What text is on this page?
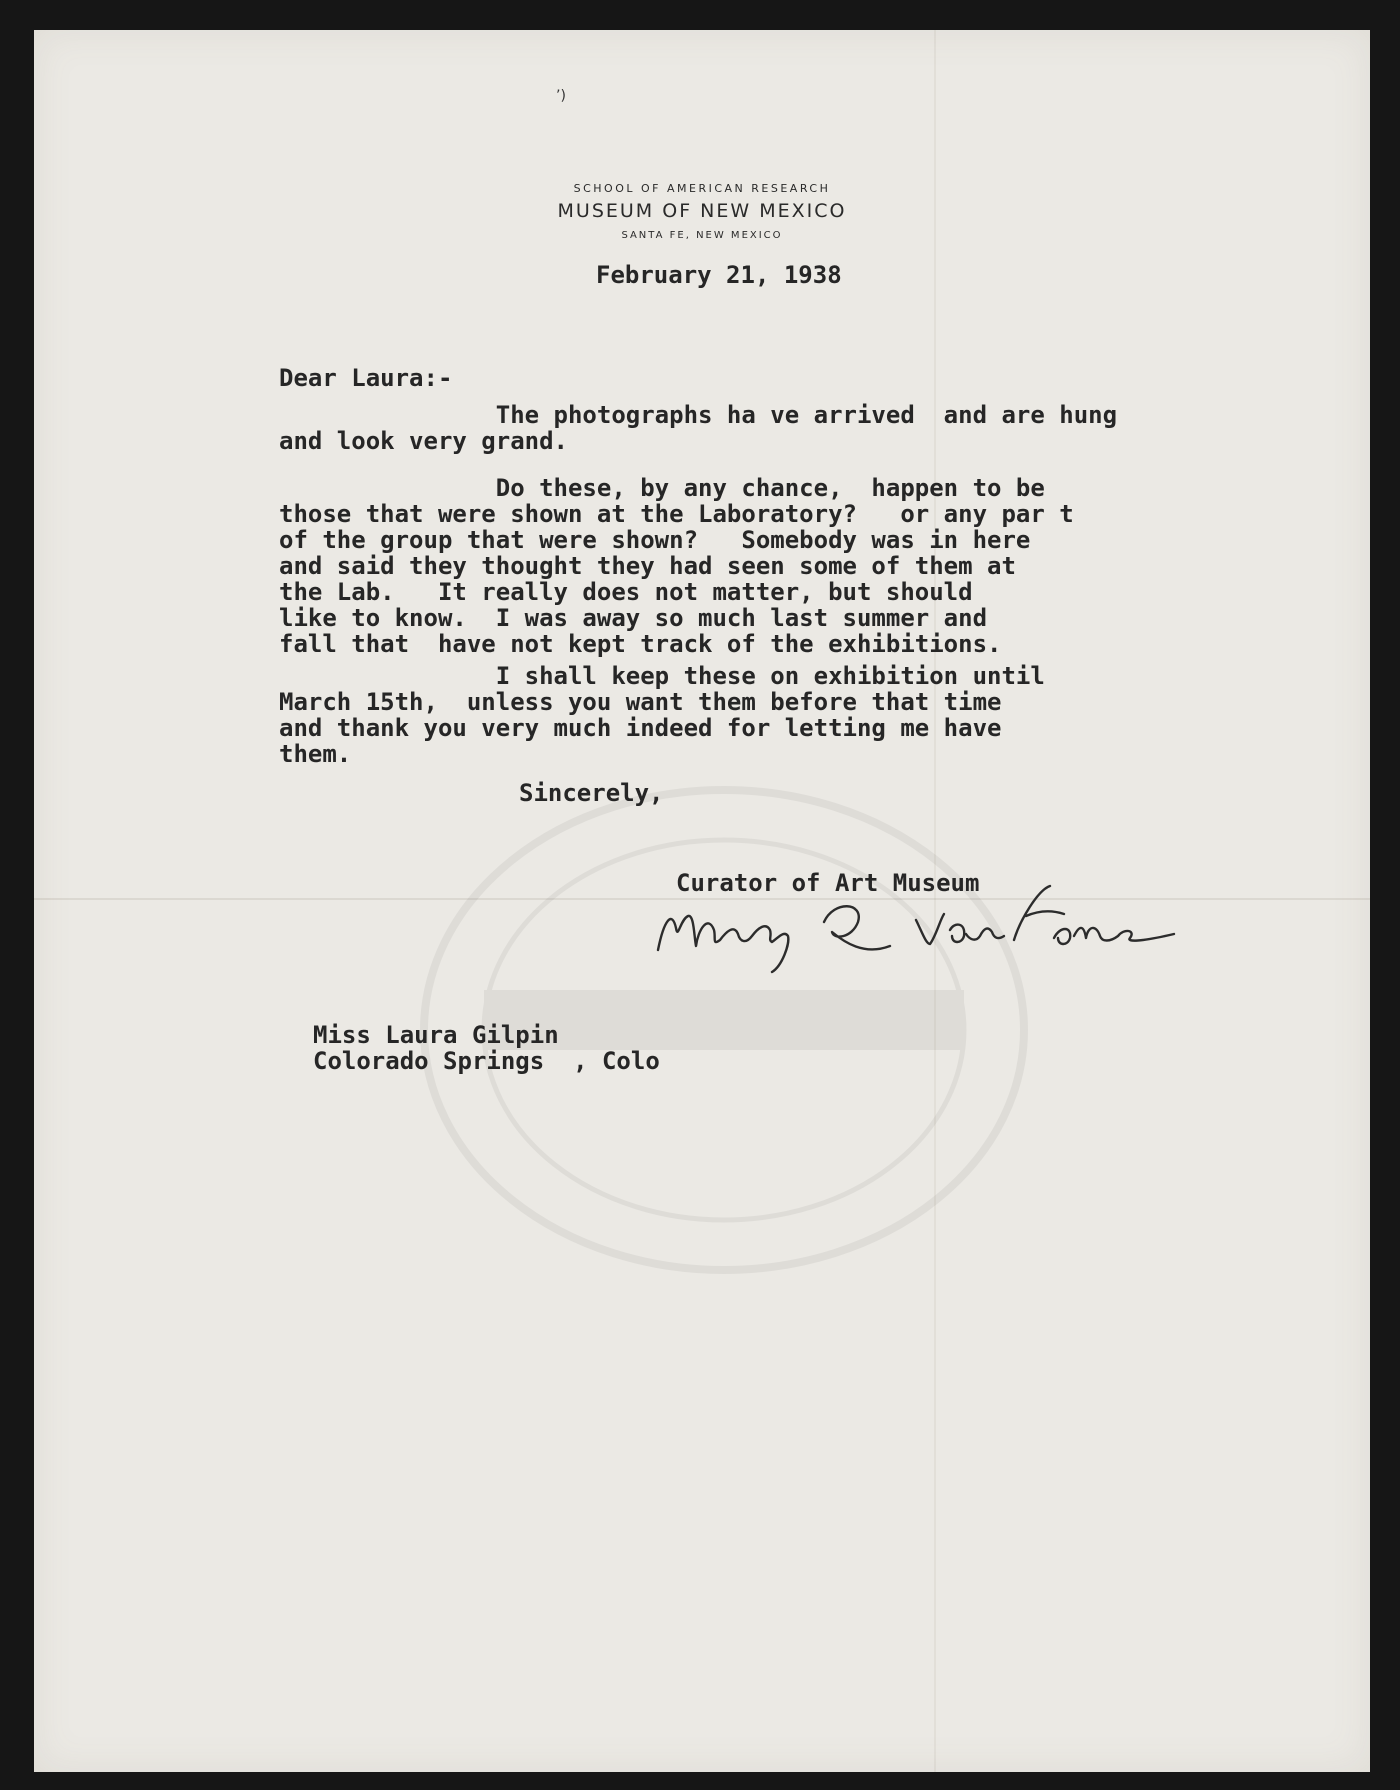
’)
SCHOOL OF AMERICAN RESEARCH
MUSEUM OF NEW MEXICO
SANTA FE, NEW MEXICO
February 21, 1938
Dear Laura:-
The photographs ha ve arrived  and are hung
and look very grand.
Do these, by any chance,  happen to be
those that were shown at the Laboratory?   or any par t
of the group that were shown?   Somebody was in here
and said they thought they had seen some of them at
the Lab.   It really does not matter, but should
like to know.  I was away so much last summer and
fall that  have not kept track of the exhibitions.
I shall keep these on exhibition until
March 15th,  unless you want them before that time
and thank you very much indeed for letting me have
them.
Sincerely,
Curator of Art Museum
Miss Laura Gilpin
Colorado Springs  , Colo
